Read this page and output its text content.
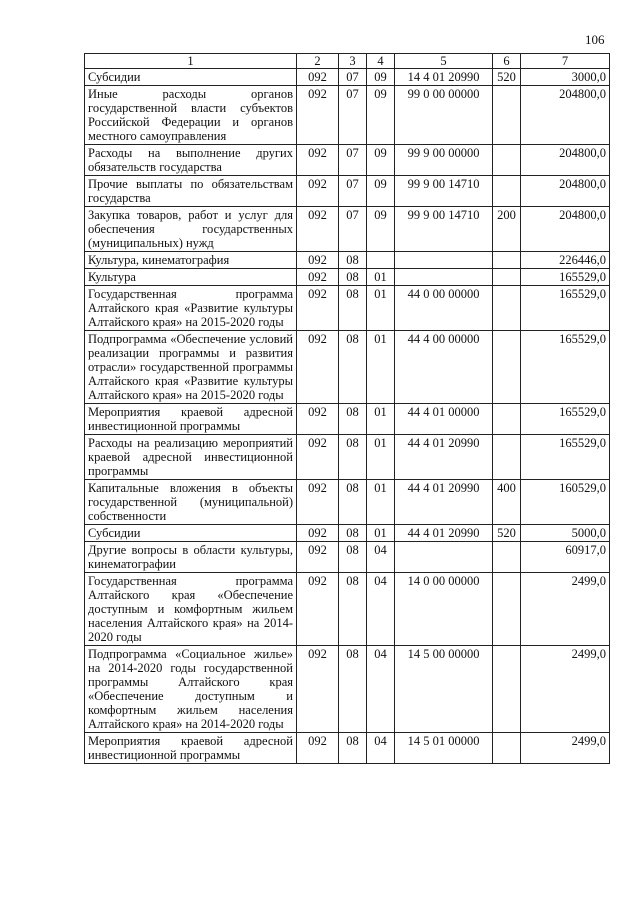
106
1	2	3	4	5	6	7
Субсидии	092	07	09	14 4 01 20990	520	3000,0
Иные расходы органов государственной власти субъектов Российской Федерации и органов местного самоуправления	092	07	09	99 0 00 00000		204800,0
Расходы на выполнение других обязательств государства	092	07	09	99 9 00 00000		204800,0
Прочие выплаты по обязательствам государства	092	07	09	99 9 00 14710		204800,0
Закупка товаров, работ и услуг для обеспечения государственных (муниципальных) нужд	092	07	09	99 9 00 14710	200	204800,0
Культура, кинематография	092	08				226446,0
Культура	092	08	01			165529,0
Государственная программа Алтайского края «Развитие культуры Алтайского края» на 2015-2020 годы	092	08	01	44 0 00 00000		165529,0
Подпрограмма «Обеспечение условий реализации программы и развития отрасли» государственной программы Алтайского края «Развитие культуры Алтайского края» на 2015-2020 годы	092	08	01	44 4 00 00000		165529,0
Мероприятия краевой адресной инвестиционной программы	092	08	01	44 4 01 00000		165529,0
Расходы на реализацию мероприятий краевой адресной инвестиционной программы	092	08	01	44 4 01 20990		165529,0
Капитальные вложения в объекты государственной (муниципальной) собственности	092	08	01	44 4 01 20990	400	160529,0
Субсидии	092	08	01	44 4 01 20990	520	5000,0
Другие вопросы в области культуры, кинематографии	092	08	04			60917,0
Государственная программа Алтайского края «Обеспечение доступным и комфортным жильем населения Алтайского края» на 2014-2020 годы	092	08	04	14 0 00 00000		2499,0
Подпрограмма «Социальное жилье» на 2014-2020 годы государственной программы Алтайского края «Обеспечение доступным и комфортным жильем населения Алтайского края» на 2014-2020 годы	092	08	04	14 5 00 00000		2499,0
Мероприятия краевой адресной инвестиционной программы	092	08	04	14 5 01 00000		2499,0
